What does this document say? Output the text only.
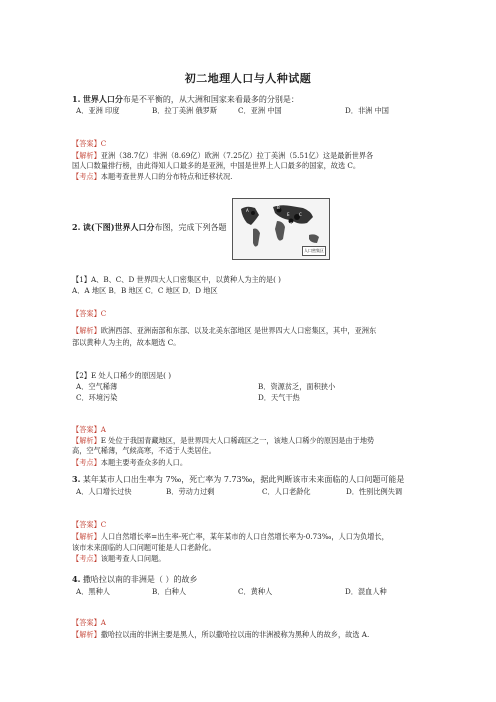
初二地理人口与人种试题
1. 世界人口分布是不平衡的，从大洲和国家来看最多的分别是：
A．亚洲 印度	B．拉丁美洲 俄罗斯	C．亚洲 中国	D．非洲 中国
【答案】C
【解析】亚洲（38.7亿）非洲（8.69亿）欧洲（7.25亿）拉丁美洲（5.51亿）这是最新世界各
国人口数量排行榜，由此得知人口最多的是亚洲，中国是世界上人口最多的国家，故选 C。
【考点】本题考查世界人口的分布特点和迁移状况.
2. 读(下图)世界人口分布图，完成下列各题
A
B
C
D
E
人口密集区
【1】A、B、C、D 世界四大人口密集区中，以黄种人为主的是( )
A．A 地区 B．B 地区 C．C 地区 D．D 地区
【答案】C
【解析】欧洲西部、亚洲南部和东部、以及北美东部地区 是世界四大人口密集区，其中，亚洲东
部以黄种人为主的，故本题选 C。
【2】E 处人口稀少的原因是( )
A．空气稀薄	B．资源贫乏，面积狭小
C．环境污染	D．天气干热
【答案】A
【解析】E 处位于我国青藏地区，是世界四大人口稀疏区之一，该地人口稀少的原因是由于地势
高，空气稀薄，气候高寒，不适于人类居住。
【考点】本题主要考查众多的人口。
3. 某年某市人口出生率为 7‰，死亡率为 7.73‰，据此判断该市未来面临的人口问题可能是
A．人口增长过快	B．劳动力过剩	C．人口老龄化	D．性别比例失调
【答案】C
【解析】人口自然增长率=出生率-死亡率，某年某市的人口自然增长率为-0.73‰，人口为负增长，
该市未来面临的人口问题可能是人口老龄化。
【考点】该题考查人口问题。
4. 撒哈拉以南的非洲是（ ）的故乡
A．黑种人	B．白种人	C．黄种人	D．混血人种
【答案】A
【解析】撒哈拉以南的非洲主要是黑人，所以撒哈拉以南的非洲被称为黑种人的故乡，故选 A.
